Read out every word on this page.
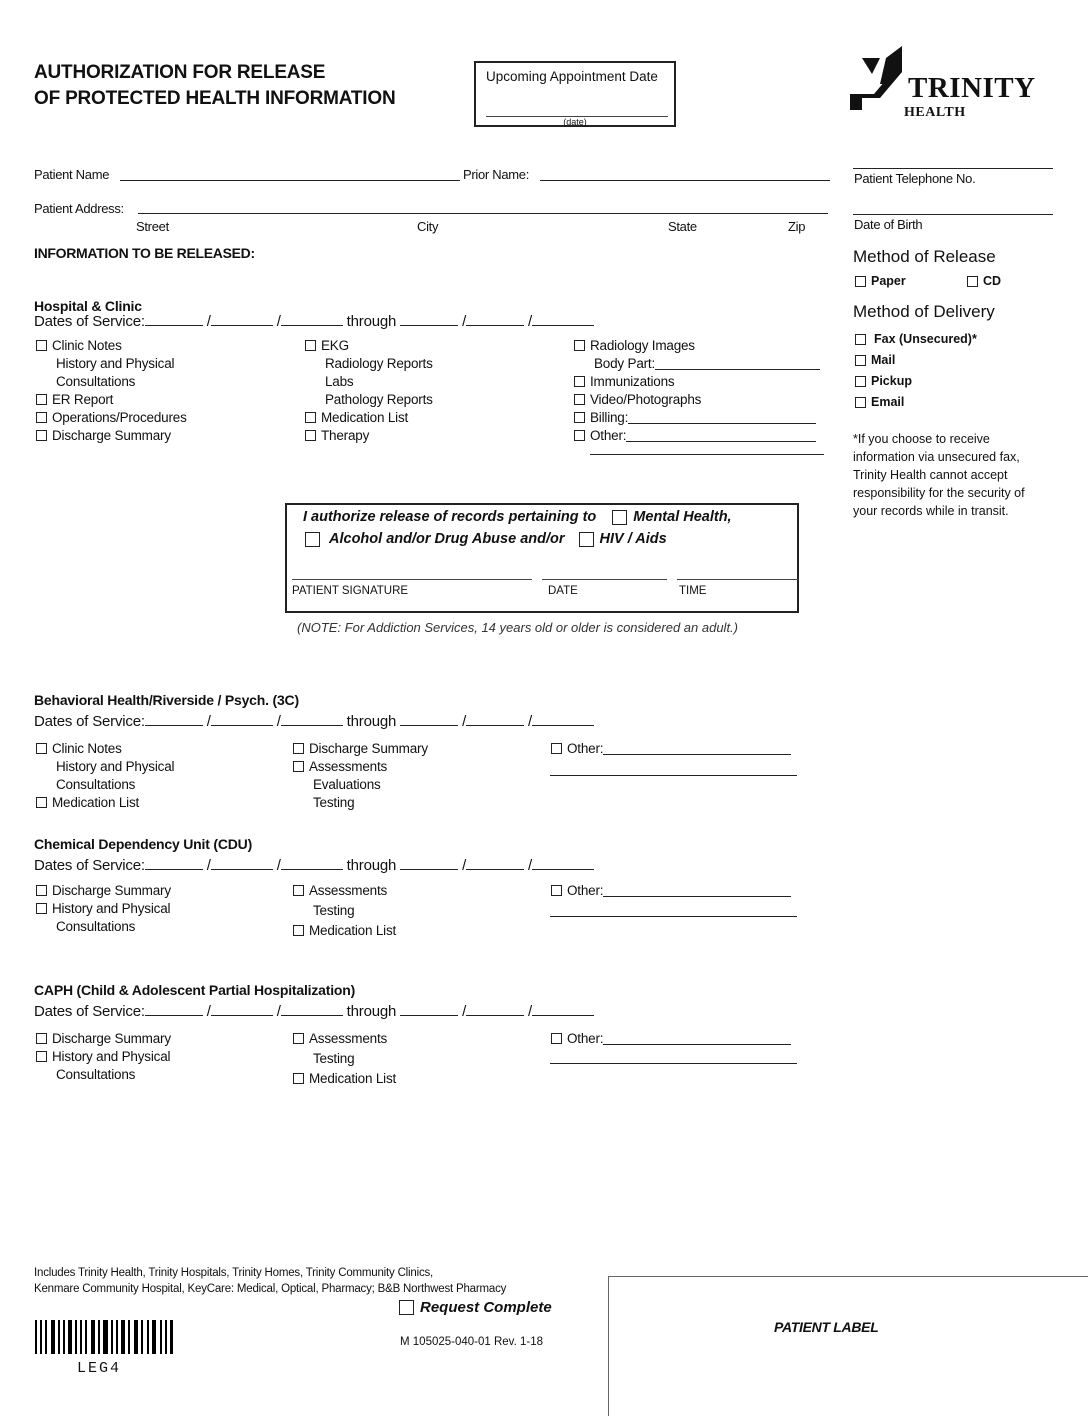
AUTHORIZATION FOR RELEASE
OF PROTECTED HEALTH INFORMATION
Upcoming Appointment Date
(date)
TRINITY
HEALTH
Patient Name	Prior Name:
Patient Address:
Street	City	State	Zip
INFORMATION TO BE RELEASED:
Patient Telephone No.
Date of Birth
Method of Release
Paper	CD
Method of Delivery
Fax (Unsecured)*
Mail
Pickup
Email
*If you choose to receive
information via unsecured fax,
Trinity Health cannot accept
responsibility for the security of
your records while in transit.
Hospital & Clinic
Dates of Service:	/	/	through	/	/
Clinic Notes
History and Physical
Consultations
ER Report
Operations/Procedures
Discharge Summary
EKG
Radiology Reports
Labs
Pathology Reports
Medication List
Therapy
Radiology Images
Body Part:
Immunizations
Video/Photographs
Billing:
Other:
I authorize release of records pertaining to	Mental Health,
Alcohol and/or Drug Abuse and/or HIV / Aids
PATIENT SIGNATURE	DATE	TIME
(NOTE: For Addiction Services, 14 years old or older is considered an adult.)
Behavioral Health/Riverside / Psych. (3C)
Dates of Service:	/	/	through	/	/
Clinic Notes
History and Physical
Consultations
Medication List
Discharge Summary
Assessments
Evaluations
Testing
Other:
Chemical Dependency Unit (CDU)
Dates of Service:	/	/	through	/	/
Discharge Summary
History and Physical
Consultations
Assessments
Testing
Medication List
Other:
CAPH (Child & Adolescent Partial Hospitalization)
Dates of Service:	/	/	through	/	/
Discharge Summary
History and Physical
Consultations
Assessments
Testing
Medication List
Other:
Includes Trinity Health, Trinity Hospitals, Trinity Homes, Trinity Community Clinics,
Kenmare Community Hospital, KeyCare: Medical, Optical, Pharmacy; B&B Northwest Pharmacy
Request Complete
LEG4
M 105025-040-01 Rev. 1-18
PATIENT LABEL
